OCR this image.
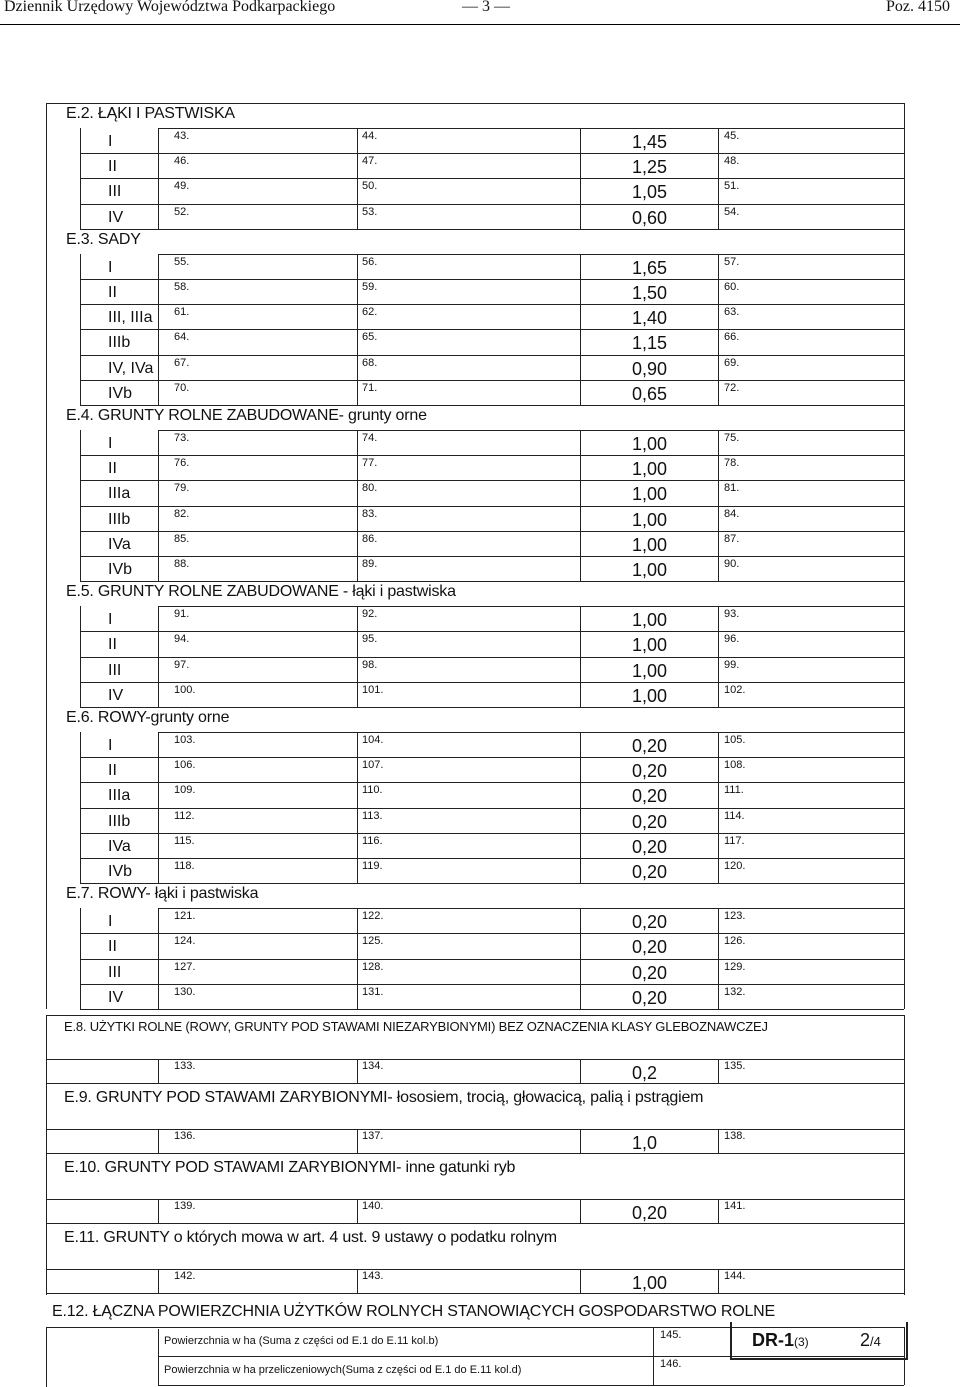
Dziennik Urzędowy Województwa Podkarpackiego	— 3 —	Poz. 4150
E.2. ŁĄKI I PASTWISKA
I	43.	44.	1,45	45.
II	46.	47.	1,25	48.
III	49.	50.	1,05	51.
IV	52.	53.	0,60	54.
E.3. SADY
I	55.	56.	1,65	57.
II	58.	59.	1,50	60.
III, IIIa 61.	62.	1,40	63.
IIIb	64.	65.	1,15	66.
IV, IVa 67.	68.	0,90	69.
IVb	70.	71.	0,65	72.
E.4. GRUNTY ROLNE ZABUDOWANE- grunty orne
I	73.	74.	1,00	75.
II	76.	77.	1,00	78.
IIIa	79.	80.	1,00	81.
IIIb	82.	83.	1,00	84.
IVa	85.	86.	1,00	87.
IVb	88.	89.	1,00	90.
E.5. GRUNTY ROLNE ZABUDOWANE - łąki i pastwiska
I	91.	92.	1,00	93.
II	94.	95.	1,00	96.
III	97.	98.	1,00	99.
IV	100.	101.	1,00	102.
E.6. ROWY-grunty orne
I	103.	104.	0,20	105.
II	106.	107.	0,20	108.
IIIa	109.	110.	0,20	111.
IIIb	112.	113.	0,20	114.
IVa	115.	116.	0,20	117.
IVb	118.	119.	0,20	120.
E.7. ROWY- łąki i pastwiska
I	121.	122.	0,20	123.
II	124.	125.	0,20	126.
III	127.	128.	0,20	129.
IV	130.	131.	0,20	132.
E.8. UŻYTKI ROLNE (ROWY, GRUNTY POD STAWAMI NIEZARYBIONYMI) BEZ OZNACZENIA KLASY GLEBOZNAWCZEJ
133.	134.	0,2	135.
E.9. GRUNTY POD STAWAMI ZARYBIONYMI- łososiem, trocią, głowacicą, palią i pstrągiem
136.	137.	1,0	138.
E.10. GRUNTY POD STAWAMI ZARYBIONYMI- inne gatunki ryb
139.	140.	0,20	141.
E.11. GRUNTY o których mowa w art. 4 ust. 9 ustawy o podatku rolnym
142.	143.	1,00	144.
E.12. ŁĄCZNA POWIERZCHNIA UŻYTKÓW ROLNYCH STANOWIĄCYCH GOSPODARSTWO ROLNE
Powierzchnia w ha (Suma z części od E.1 do E.11 kol.b)	145.
Powierzchnia w ha przeliczeniowych(Suma z części od E.1 do E.11 kol.d)	146.
DR-1(3)	2/4
